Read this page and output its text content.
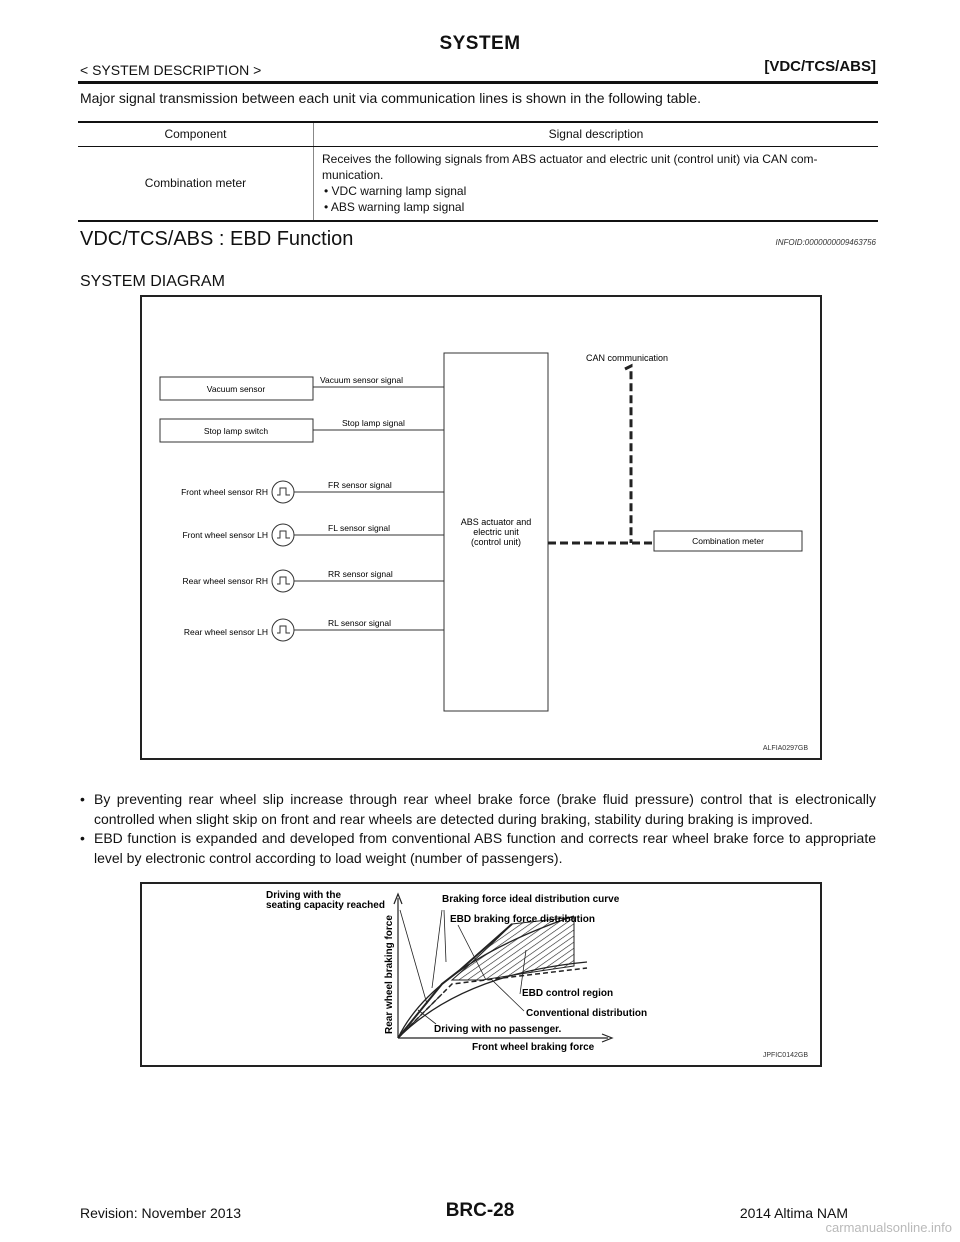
SYSTEM
< SYSTEM DESCRIPTION >	[VDC/TCS/ABS]
Major signal transmission between each unit via communication lines is shown in the following table.
Component	Signal description
Combination meter	Receives the following signals from ABS actuator and electric unit (control unit) via CAN com-
munication.
• VDC warning lamp signal
• ABS warning lamp signal
VDC/TCS/ABS : EBD Function	INFOID:0000000009463756
SYSTEM DIAGRAM
ABS actuator and
electric unit
(control unit)
Vacuum sensor
Vacuum sensor signal
Stop lamp switch
Stop lamp signal
Front wheel sensor RH
FR sensor signal
Front wheel sensor LH
FL sensor signal
Rear wheel sensor RH
RR sensor signal
Rear wheel sensor LH
RL sensor signal
CAN communication
Combination meter
ALFIA0297GB
• By preventing rear wheel slip increase through rear wheel brake force (brake fluid pressure) control that is electronically controlled when slight skip on front and rear wheels are detected during braking, stability during braking is improved.
• EBD function is expanded and developed from conventional ABS function and corrects rear wheel brake force to appropriate level by electronic control according to load weight (number of passengers).
Driving with the
seating capacity reached
Braking force ideal distribution curve
EBD braking force distribution
EBD control region
Conventional distribution
Driving with no passenger.
Front wheel braking force
Rear wheel braking force
JPFIC0142GB
Revision: November 2013	BRC-28	2014 Altima NAM
carmanualsonline.info
